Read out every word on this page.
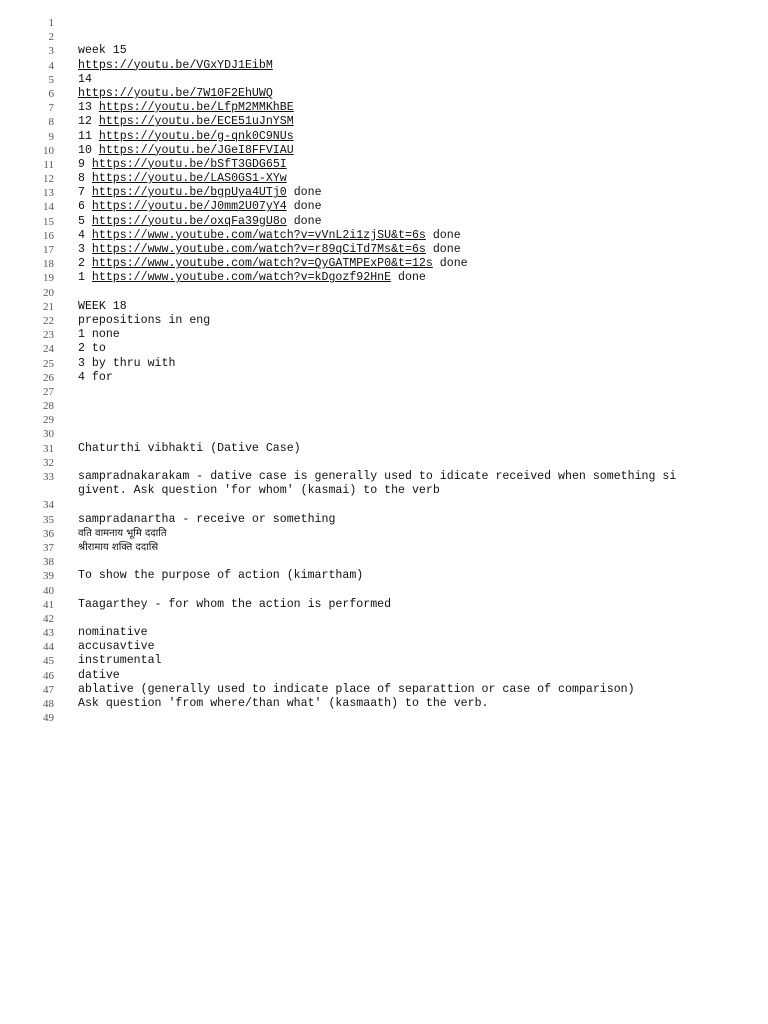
1
2
3 week 15
4 https://youtu.be/VGxYDJ1EibM
5 14
6 https://youtu.be/7W10F2EhUWQ
7 13 https://youtu.be/LfpM2MMKhBE
8 12 https://youtu.be/ECE51uJnYSM
9 11 https://youtu.be/g-qnk0C9NUs
10 10 https://youtu.be/JGeI8FFVIAU
11 9 https://youtu.be/bSfT3GDG65I
12 8 https://youtu.be/LAS0GS1-XYw
13 7 https://youtu.be/bgpUya4UTj0 done
14 6 https://youtu.be/J0mm2U07yY4 done
15 5 https://youtu.be/oxqFa39gU8o done
16 4 https://www.youtube.com/watch?v=vVnL2i1zjSU&t=6s done
17 3 https://www.youtube.com/watch?v=r89qCiTd7Ms&t=6s done
18 2 https://www.youtube.com/watch?v=QyGATMPExP0&t=12s done
19 1 https://www.youtube.com/watch?v=kDgozf92HnE done
20
21 WEEK 18
22 prepositions in eng
23 1 none
24 2 to
25 3 by thru with
26 4 for
27
28
29
30
31 Chaturthi vibhakti (Dative Case)
32
33 sampradnakarakam - dative case is generally used to idicate received when something si
givent. Ask question 'for whom' (kasmai) to the verb
34
35 sampradanartha - receive or something
36 वति वामनाय भूमि ददाति
37 श्रीरामाय शक्ति ददासि
38
39 To show the purpose of action (kimartham)
40
41 Taagarthey - for whom the action is performed
42
43 nominative
44 accusavtive
45 instrumental
46 dative
47 ablative (generally used to indicate place of separattion or case of comparison)
48 Ask question 'from where/than what' (kasmaath) to the verb.
49
